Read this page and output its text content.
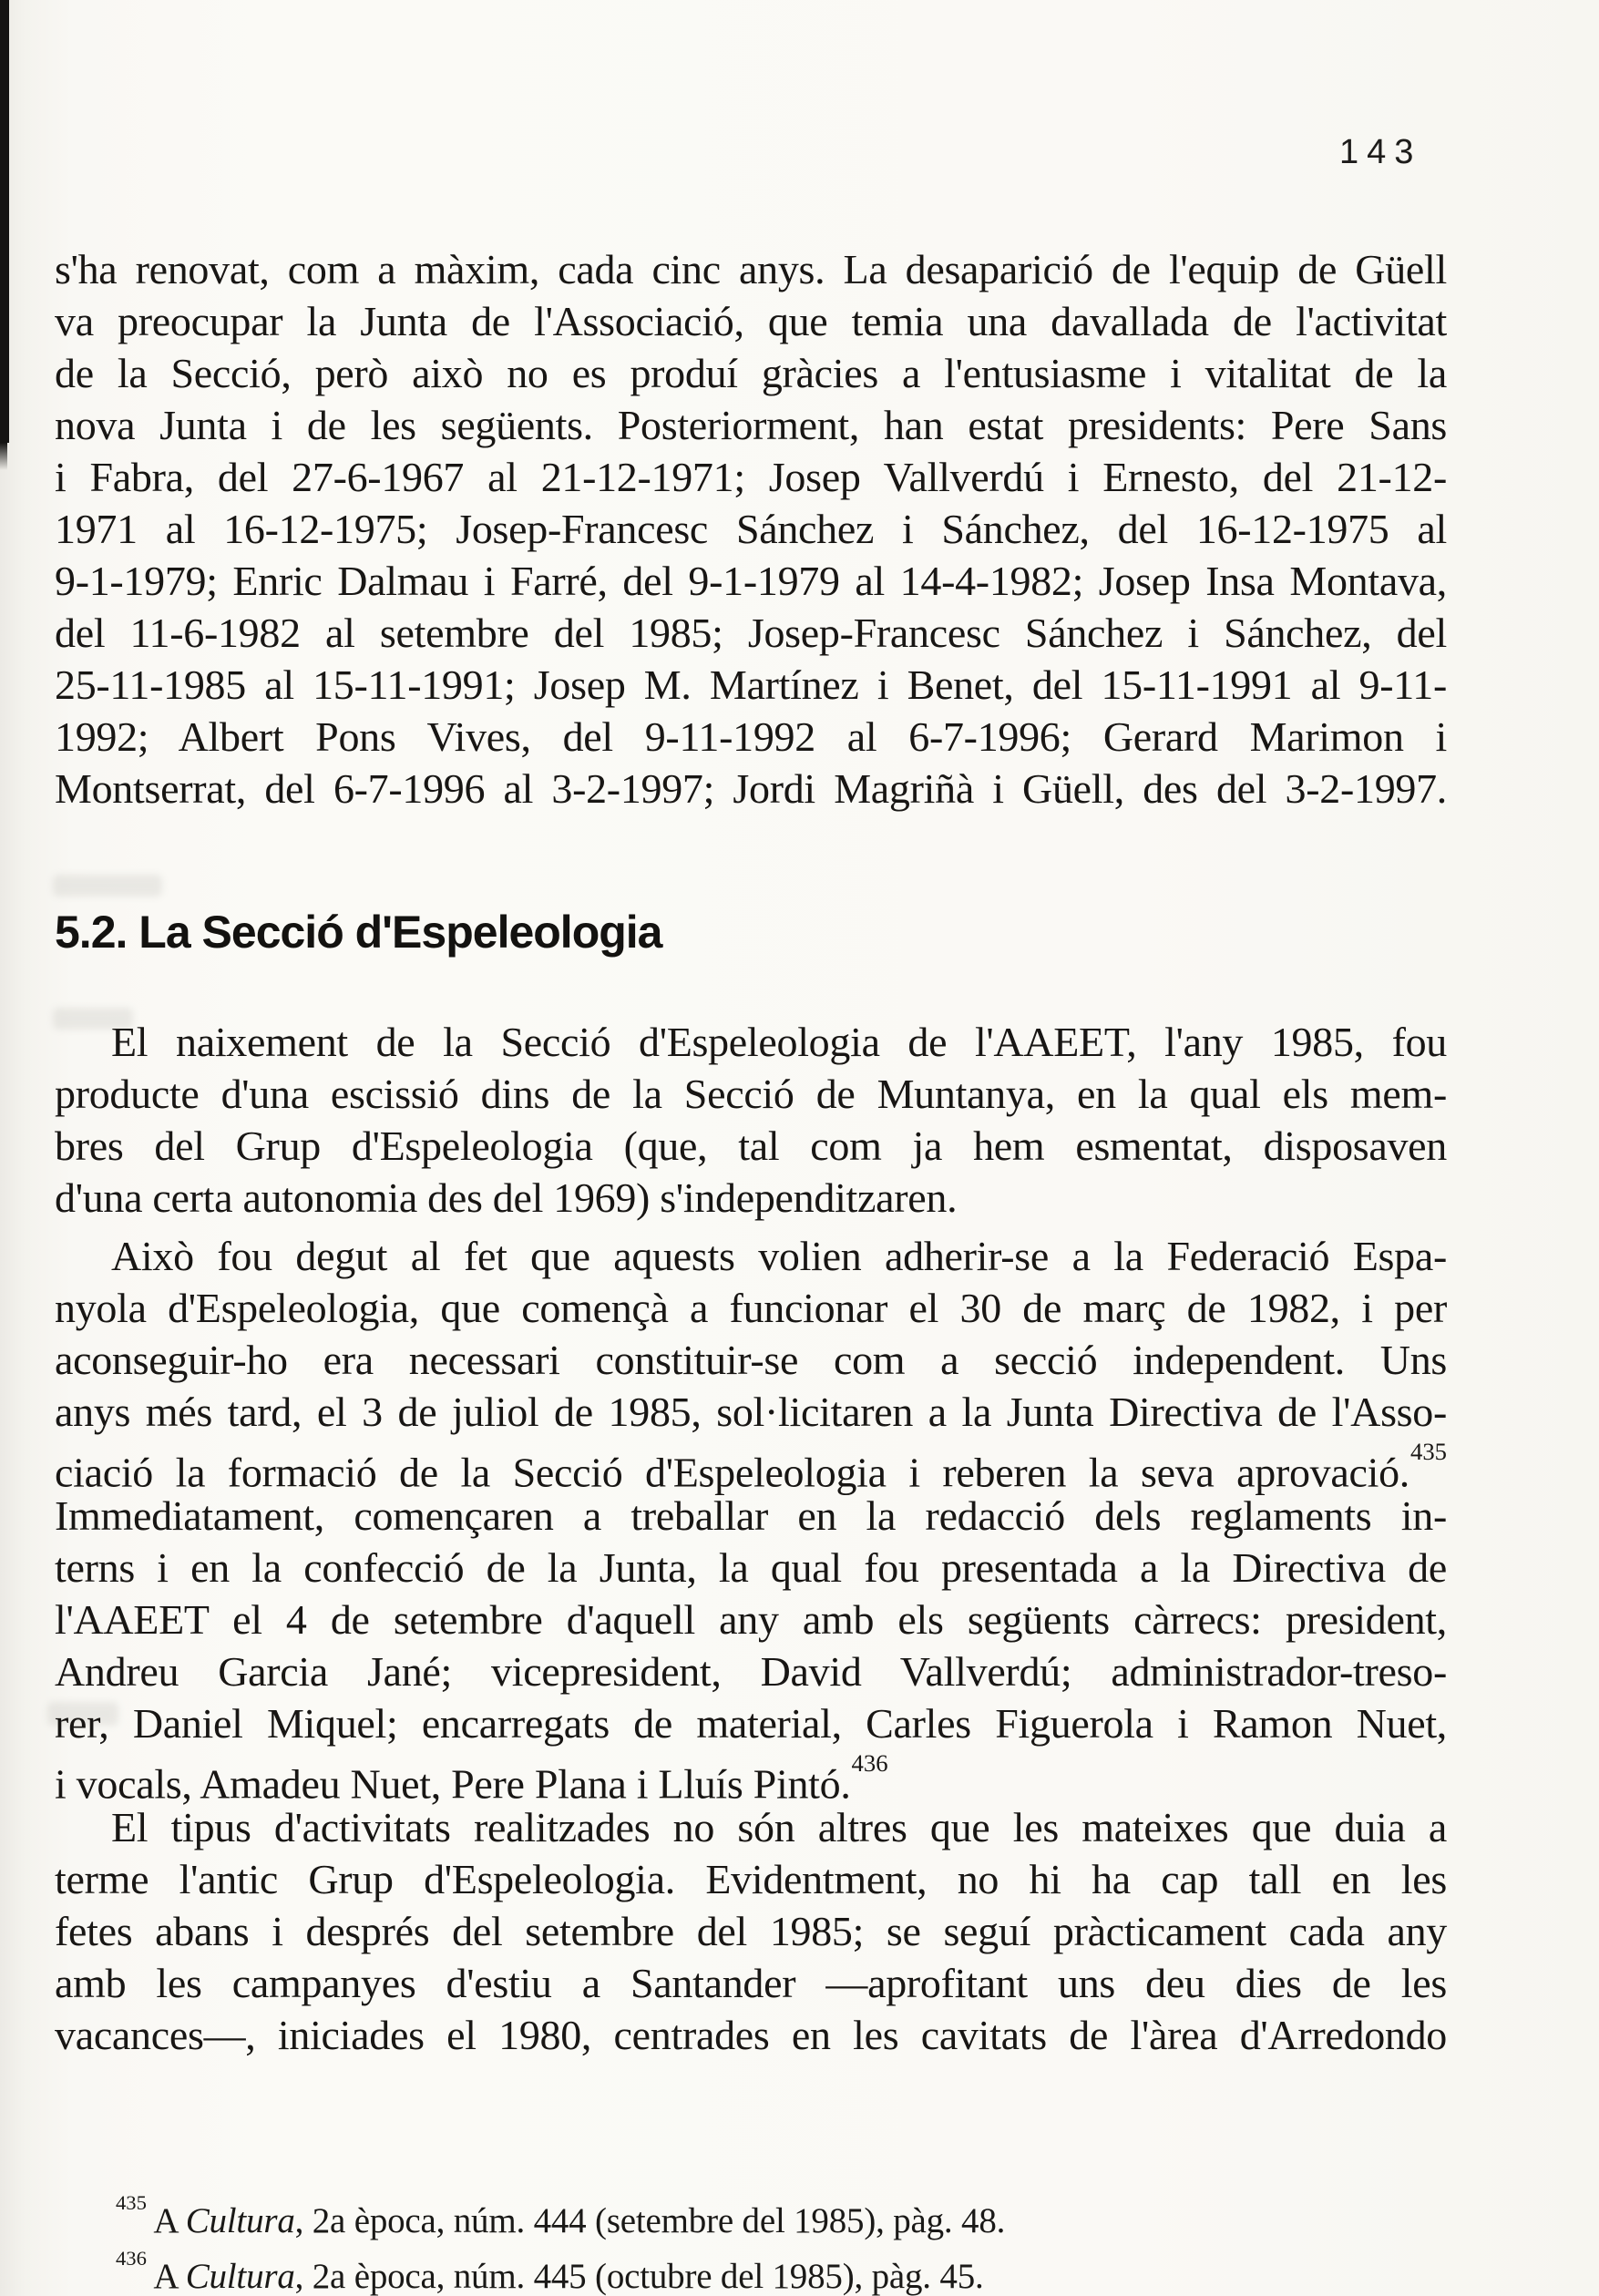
143
s'ha renovat, com a màxim, cada cinc anys. La desaparició de l'equip de Güell
va preocupar la Junta de l'Associació, que temia una davallada de l'activitat
de la Secció, però això no es produí gràcies a l'entusiasme i vitalitat de la
nova Junta i de les següents. Posteriorment, han estat presidents: Pere Sans
i Fabra, del 27-6-1967 al 21-12-1971; Josep Vallverdú i Ernesto, del 21-12-
1971 al 16-12-1975; Josep-Francesc Sánchez i Sánchez, del 16-12-1975 al
9-1-1979; Enric Dalmau i Farré, del 9-1-1979 al 14-4-1982; Josep Insa Montava,
del 11-6-1982 al setembre del 1985; Josep-Francesc Sánchez i Sánchez, del
25-11-1985 al 15-11-1991; Josep M. Martínez i Benet, del 15-11-1991 al 9-11-
1992; Albert Pons Vives, del 9-11-1992 al 6-7-1996; Gerard Marimon i
Montserrat, del 6-7-1996 al 3-2-1997; Jordi Magriñà i Güell, des del 3-2-1997.
5.2. La Secció d'Espeleologia
El naixement de la Secció d'Espeleologia de l'AAEET, l'any 1985, fou
producte d'una escissió dins de la Secció de Muntanya, en la qual els mem-
bres del Grup d'Espeleologia (que, tal com ja hem esmentat, disposaven
d'una certa autonomia des del 1969) s'independitzaren.
Això fou degut al fet que aquests volien adherir-se a la Federació Espa-
nyola d'Espeleologia, que començà a funcionar el 30 de març de 1982, i per
aconseguir-ho era necessari constituir-se com a secció independent. Uns
anys més tard, el 3 de juliol de 1985, sol·licitaren a la Junta Directiva de l'Asso-
ciació la formació de la Secció d'Espeleologia i reberen la seva aprovació.$^{435}$
Immediatament, començaren a treballar en la redacció dels reglaments in-
terns i en la confecció de la Junta, la qual fou presentada a la Directiva de
l'AAEET el 4 de setembre d'aquell any amb els següents càrrecs: president,
Andreu Garcia Jané; vicepresident, David Vallverdú; administrador-treso-
rer, Daniel Miquel; encarregats de material, Carles Figuerola i Ramon Nuet,
i vocals, Amadeu Nuet, Pere Plana i Lluís Pintó.$^{436}$
El tipus d'activitats realitzades no són altres que les mateixes que duia a
terme l'antic Grup d'Espeleologia. Evidentment, no hi ha cap tall en les
fetes abans i després del setembre del 1985; se seguí pràcticament cada any
amb les campanyes d'estiu a Santander —aprofitant uns deu dies de les
vacances—, iniciades el 1980, centrades en les cavitats de l'àrea d'Arredondo
$^{435}$ A Cultura, 2a època, núm. 444 (setembre del 1985), pàg. 48.
$^{436}$ A Cultura, 2a època, núm. 445 (octubre del 1985), pàg. 45.
